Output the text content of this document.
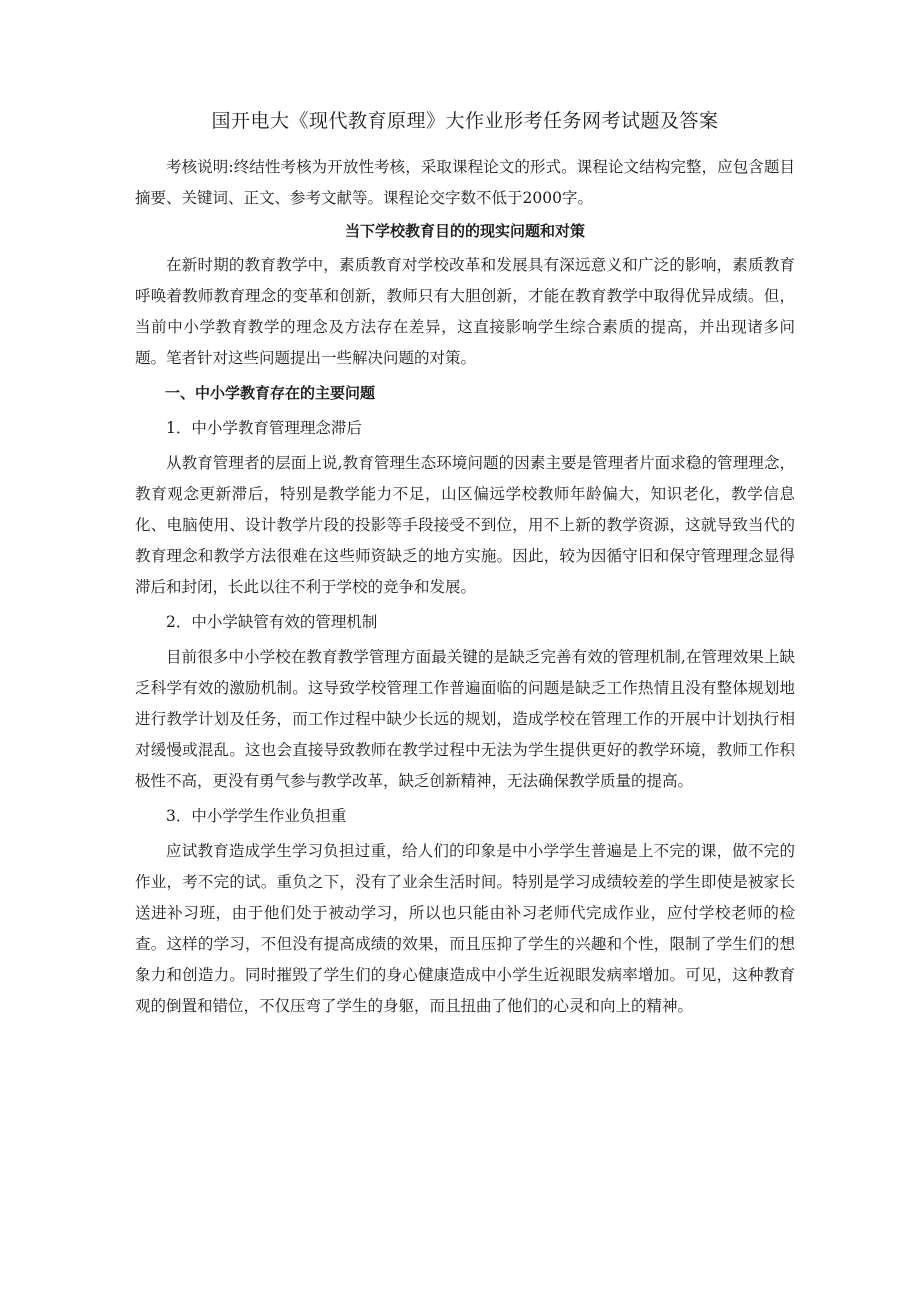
国开电大《现代教育原理》大作业形考任务网考试题及答案

考核说明:终结性考核为开放性考核，采取课程论文的形式。课程论文结构完整，应包含题目摘要、关键词、正文、参考文献等。课程论交字数不低于2000字。

当下学校教育目的的现实问题和对策

在新时期的教育教学中，素质教育对学校改革和发展具有深远意义和广泛的影响，素质教育呼唤着教师教育理念的变革和创新，教师只有大胆创新，才能在教育教学中取得优异成绩。但，当前中小学教育教学的理念及方法存在差异，这直接影响学生综合素质的提高，并出现诸多问题。笔者针对这些问题提出一些解决问题的对策。

一、中小学教育存在的主要问题

1．中小学教育管理理念滞后

从教育管理者的层面上说,教育管理生态环境问题的因素主要是管理者片面求稳的管理理念，教育观念更新滞后，特别是教学能力不足，山区偏远学校教师年龄偏大，知识老化，教学信息化、电脑使用、设计教学片段的投影等手段接受不到位，用不上新的教学资源，这就导致当代的教育理念和教学方法很难在这些师资缺乏的地方实施。因此，较为因循守旧和保守管理理念显得滞后和封闭，长此以往不利于学校的竞争和发展。

2．中小学缺管有效的管理机制

目前很多中小学校在教育教学管理方面最关键的是缺乏完善有效的管理机制,在管理效果上缺乏科学有效的激励机制。这导致学校管理工作普遍面临的问题是缺乏工作热情且没有整体规划地进行教学计划及任务，而工作过程中缺少长远的规划，造成学校在管理工作的开展中计划执行相对缓慢或混乱。这也会直接导致教师在教学过程中无法为学生提供更好的教学环境，教师工作积极性不高，更没有勇气参与教学改革，缺乏创新精神，无法确保教学质量的提高。

3．中小学学生作业负担重

应试教育造成学生学习负担过重，给人们的印象是中小学学生普遍是上不完的课，做不完的作业，考不完的试。重负之下，没有了业余生活时间。特别是学习成绩较差的学生即使是被家长送进补习班，由于他们处于被动学习，所以也只能由补习老师代完成作业，应付学校老师的检查。这样的学习，不但没有提高成绩的效果，而且压抑了学生的兴趣和个性，限制了学生们的想象力和创造力。同时摧毁了学生们的身心健康造成中小学生近视眼发病率增加。可见，这种教育观的倒置和错位，不仅压弯了学生的身躯，而且扭曲了他们的心灵和向上的精神。
